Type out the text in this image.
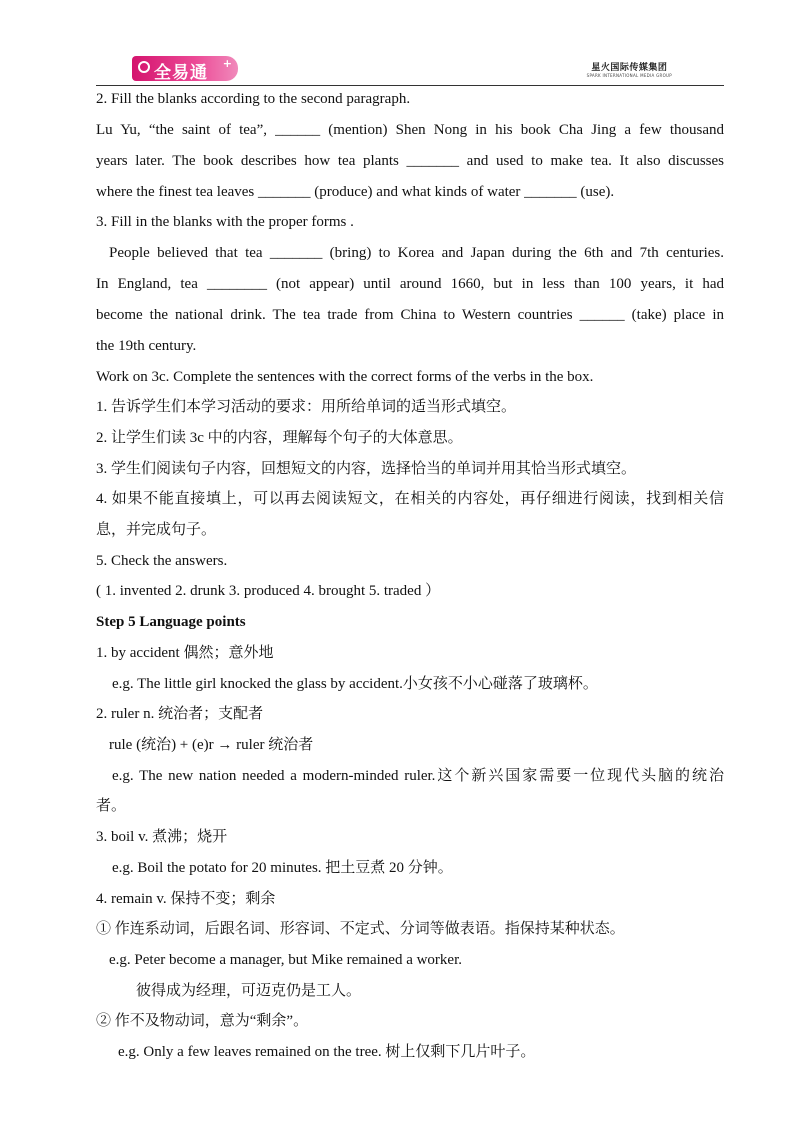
全易通 +	星火国际传媒集团
SPARK INTERNATIONAL MEDIA GROUP
2. Fill the blanks according to the second paragraph.
Lu Yu, “the saint of tea”, ______ (mention) Shen Nong in his book Cha Jing a few thousand
years later. The book describes how tea plants _______ and used to make tea. It also discusses
where the finest tea leaves _______ (produce) and what kinds of water _______ (use).
3. Fill in the blanks with the proper forms .
People believed that tea _______ (bring) to Korea and Japan during the 6th and 7th centuries.
In England, tea ________ (not appear) until around 1660, but in less than 100 years, it had
become the national drink. The tea trade from China to Western countries ______ (take) place in
the 19th century.
Work on 3c. Complete the sentences with the correct forms of the verbs in the box.
1. 告诉学生们本学习活动的要求：用所给单词的适当形式填空。
2. 让学生们读 3c 中的内容，理解每个句子的大体意思。
3. 学生们阅读句子内容，回想短文的内容，选择恰当的单词并用其恰当形式填空。
4. 如果不能直接填上，可以再去阅读短文，在相关的内容处，再仔细进行阅读，找到相关信
息，并完成句子。
5. Check the answers.
( 1. invented 2. drunk 3. produced 4. brought 5. traded ）
Step 5 Language points
1. by accident 偶然；意外地
e.g. The little girl knocked the glass by accident.小女孩不小心碰落了玻璃杯。
2. ruler n. 统治者；支配者
rule (统治) + (e)r → ruler 统治者
e.g. The new nation needed a modern-minded ruler.这个新兴国家需要一位现代头脑的统治
者。
3. boil v. 煮沸；烧开
e.g. Boil the potato for 20 minutes. 把土豆煮 20 分钟。
4. remain v. 保持不变；剩余
① 作连系动词，后跟名词、形容词、不定式、分词等做表语。指保持某种状态。
e.g. Peter become a manager, but Mike remained a worker.
彼得成为经理，可迈克仍是工人。
② 作不及物动词，意为“剩余”。
e.g. Only a few leaves remained on the tree. 树上仅剩下几片叶子。
